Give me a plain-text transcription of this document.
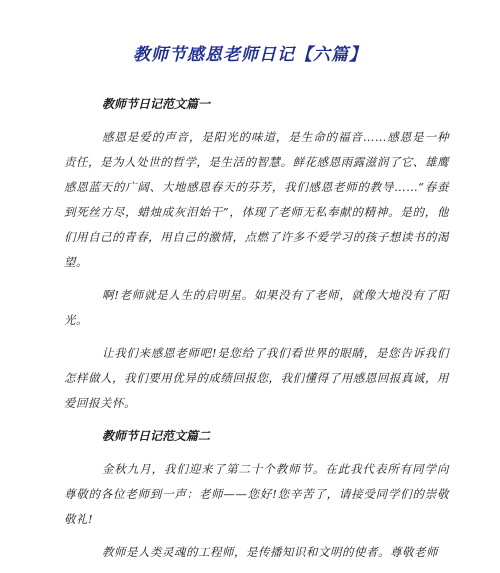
教师节感恩老师日记【六篇】
教师节日记范文篇一

感恩是爱的声音，是阳光的味道，是生命的福音……感恩是一种责任，是为人处世的哲学，是生活的智慧。鲜花感恩雨露滋润了它、雄鹰感恩蓝天的广阔、大地感恩春天的芬芳，我们感恩老师的教导……“春蚕到死丝方尽，蜡烛成灰泪始干”，体现了老师无私奉献的精神。是的，他们用自己的青春，用自己的激情，点燃了许多不爱学习的孩子想读书的渴望。

啊!老师就是人生的启明星。如果没有了老师，就像大地没有了阳光。

让我们来感恩老师吧!是您给了我们看世界的眼睛，是您告诉我们怎样做人，我们要用优异的成绩回报您，我们懂得了用感恩回报真诚，用爱回报关怀。

教师节日记范文篇二

金秋九月，我们迎来了第二十个教师节。在此我代表所有同学向尊敬的各位老师到一声：老师——您好!您辛苦了，请接受同学们的崇敬敬礼!

教师是人类灵魂的工程师，是传播知识和文明的使者。尊敬老师
